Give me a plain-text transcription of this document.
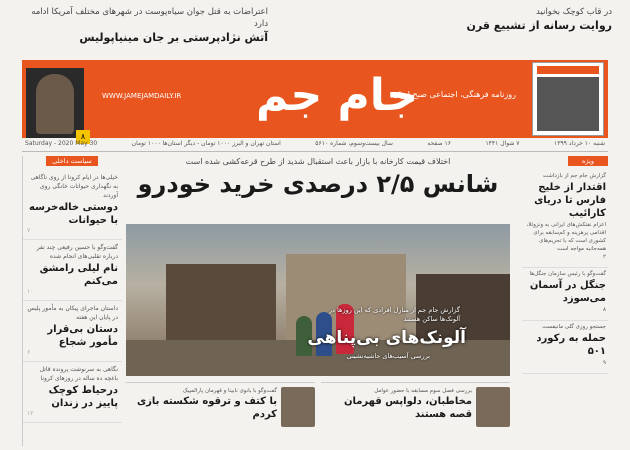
اعتراضات به قتل جوان سیاه‌پوست در شهرهای مختلف آمریکا ادامه دارد
آتش نژادپرستی بر جان مینیاپولیس
در قاب کوچک بخوانید
روایت رسانه از تشییع قرن
۸
جام جم
روزنامه فرهنگی، اجتماعی صبح ایران
WWW.JAMEJAMDAILY.IR
شنبه ۱۰ خرداد ۱۳۹۹
۷ شوال ۱۴۴۱
۱۶ صفحه
سال بیست‌وسوم، شماره ۵۶۱۰
استان تهران و البرز ۱۰۰۰ تومان - دیگر استان‌ها ۱۰۰۰ تومان
Saturday - 2020 May 30
سیاست داخلی
خیلی‌ها در ایام کرونا از روی ناگاهی به نگهداری حیوانات خانگی روی آوردند
دوستی خاله‌خرسه با حیوانات
۷
گفت‌وگو با حسین رفیعی چند نفر درباره تقلبی‌های انجام شده
نام لیلی رامشق می‌کنم
۱۰
داستان ماجرای پیکان به مأمور پلیس در پایان این هفته
دستان بی‌قرار مأمور شجاع
۶
نگاهی به سرنوشت پرونده قاتل باغچه ده ساله در روزهای کرونا
درحیاط کوچک پاییز در زندان
۱۲
ویژه
گزارش جام جم از بازداشت
اقتدار از خلیج فارس تا دریای کارائیب
اعزام نفتکش‌های ایرانی به ونزوئلا، اقدامی پرهزینه و کم‌سابقه برای کشوری است که با تحریم‌های همه‌جانبه مواجه است
۲
گفت‌وگو با رئیس سازمان جنگل‌ها
جنگل در آسمان می‌سوزد
۸
جستجو روزی گلی مانیفست
حمله به رکورد ۵۰۱
۹
اختلاف قیمت کارخانه با بازار باعث استقبال شدید از طرح قرعه‌کشی شده است
شانس ۲/۵ درصدی خرید خودرو
گزارش جام جم از منازل افرادی که این روزها در آلونک‌ها ساکن هستند
آلونک‌های بی‌پناهی
بررسی آسیب‌های حاشیه‌نشینی
بررسی فصل سوم مسابقه با حضور عوامل
مخاطبان، دلواپس قهرمان قصه هستند
گفت‌وگو با بانوی نابینا و قهرمان پارالمپیک
با کتف و ترقوه شکسته بازی کردم
